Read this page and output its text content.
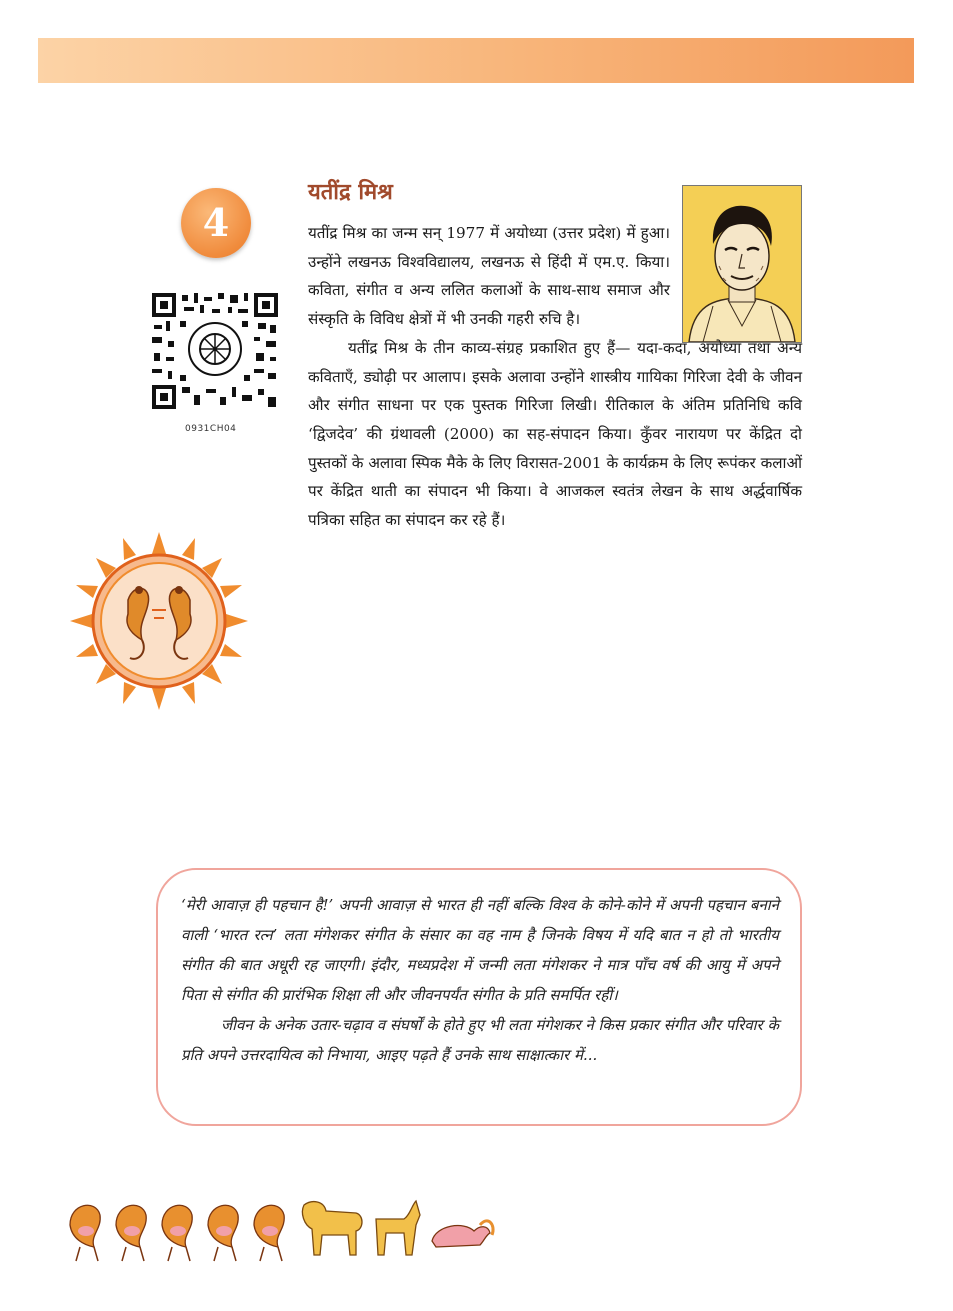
4
0931CH04
यतींद्र मिश्र

यतींद्र मिश्र का जन्म सन् 1977 में अयोध्या (उत्तर प्रदेश) में हुआ। उन्होंने लखनऊ विश्वविद्यालय, लखनऊ से हिंदी में एम.ए. किया। कविता, संगीत व अन्य ललित कलाओं के साथ-साथ समाज और संस्कृति के विविध क्षेत्रों में भी उनकी गहरी रुचि है।

यतींद्र मिश्र के तीन काव्य-संग्रह प्रकाशित हुए हैं— यदा-कदा, अयोध्या तथा अन्य कविताएँ, ड्योढ़ी पर आलाप। इसके अलावा उन्होंने शास्त्रीय गायिका गिरिजा देवी के जीवन और संगीत साधना पर एक पुस्तक गिरिजा लिखी। रीतिकाल के अंतिम प्रतिनिधि कवि ‘द्विजदेव’ की ग्रंथावली (2000) का सह-संपादन किया। कुँवर नारायण पर केंद्रित दो पुस्तकों के अलावा स्पिक मैके के लिए विरासत-2001 के कार्यक्रम के लिए रूपंकर कलाओं पर केंद्रित थाती का संपादन भी किया। वे आजकल स्वतंत्र लेखन के साथ अर्द्धवार्षिक पत्रिका सहित का संपादन कर रहे हैं।

‘मेरी आवाज़ ही पहचान है!’ अपनी आवाज़ से भारत ही नहीं बल्कि विश्व के कोने-कोने में अपनी पहचान बनाने वाली ‘भारत रत्न’ लता मंगेशकर संगीत के संसार का वह नाम है जिनके विषय में यदि बात न हो तो भारतीय संगीत की बात अधूरी रह जाएगी। इंदौर, मध्यप्रदेश में जन्मी लता मंगेशकर ने मात्र पाँच वर्ष की आयु में अपने पिता से संगीत की प्रारंभिक शिक्षा ली और जीवनपर्यंत संगीत के प्रति समर्पित रहीं।

जीवन के अनेक उतार-चढ़ाव व संघर्षों के होते हुए भी लता मंगेशकर ने किस प्रकार संगीत और परिवार के प्रति अपने उत्तरदायित्व को निभाया, आइए पढ़ते हैं उनके साथ साक्षात्कार में...
